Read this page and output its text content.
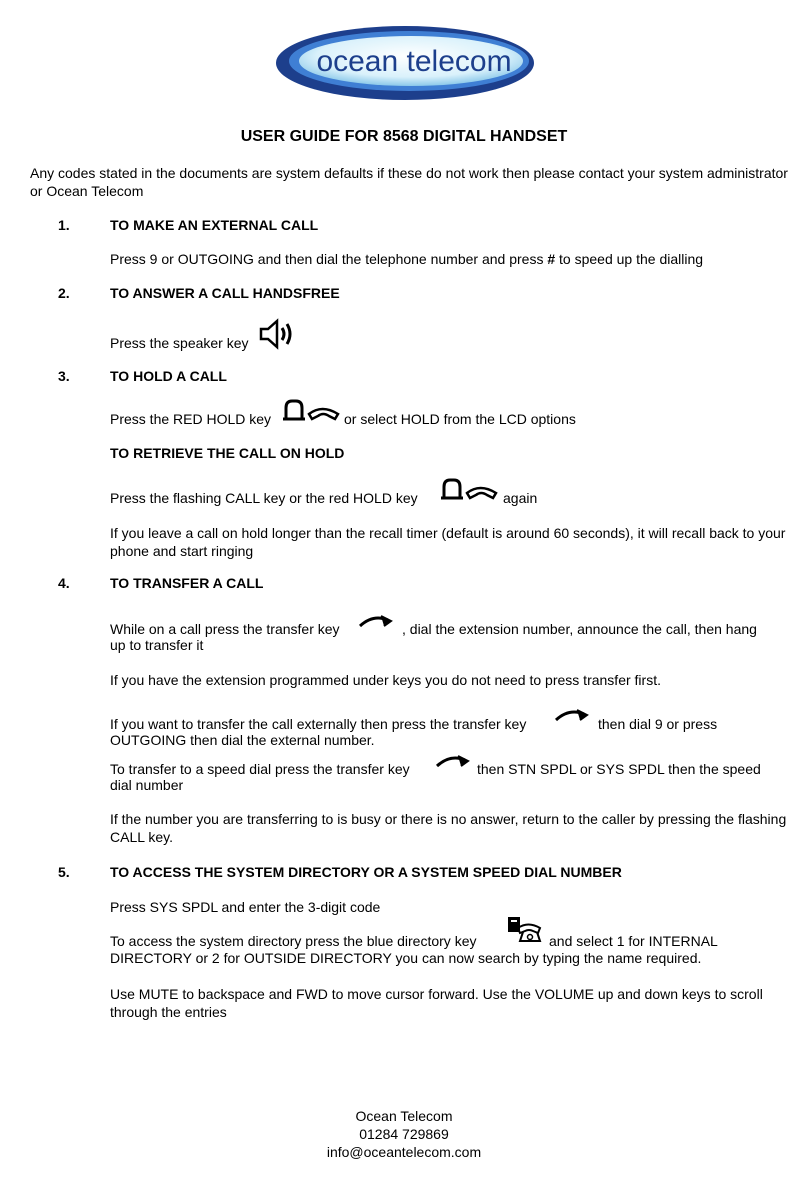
ocean telecom
USER GUIDE FOR 8568 DIGITAL HANDSET
Any codes stated in the documents are system defaults if these do not work then please contact your system administrator or Ocean Telecom
1.	TO MAKE AN EXTERNAL CALL
Press 9 or OUTGOING and then dial the telephone number and press # to speed up the dialling
2.	TO ANSWER A CALL HANDSFREE
Press the speaker key
3.	TO HOLD A CALL
Press the RED HOLD key	or select HOLD from the LCD options
TO RETRIEVE THE CALL ON HOLD
Press the flashing CALL key or the red HOLD key	again
If you leave a call on hold longer than the recall timer (default is around 60 seconds), it will recall back to your phone and start ringing
4.	TO TRANSFER A CALL
While on a call press the transfer key	, dial the extension number, announce the call, then hang
up to transfer it
If you have the extension programmed under keys you do not need to press transfer first.
If you want to transfer the call externally then press the transfer key	then dial 9 or press
OUTGOING then dial the external number.
To transfer to a speed dial press the transfer key	then STN SPDL or SYS SPDL then the speed
dial number
If the number you are transferring to is busy or there is no answer, return to the caller by pressing the flashing CALL key.
5.	TO ACCESS THE SYSTEM DIRECTORY OR A SYSTEM SPEED DIAL NUMBER
Press SYS SPDL and enter the 3-digit code
To access the system directory press the blue directory key	and select 1 for INTERNAL
DIRECTORY or 2 for OUTSIDE DIRECTORY you can now search by typing the name required.
Use MUTE to backspace and FWD to move cursor forward. Use the VOLUME up and down keys to scroll through the entries
Ocean Telecom
01284 729869
info@oceantelecom.com
